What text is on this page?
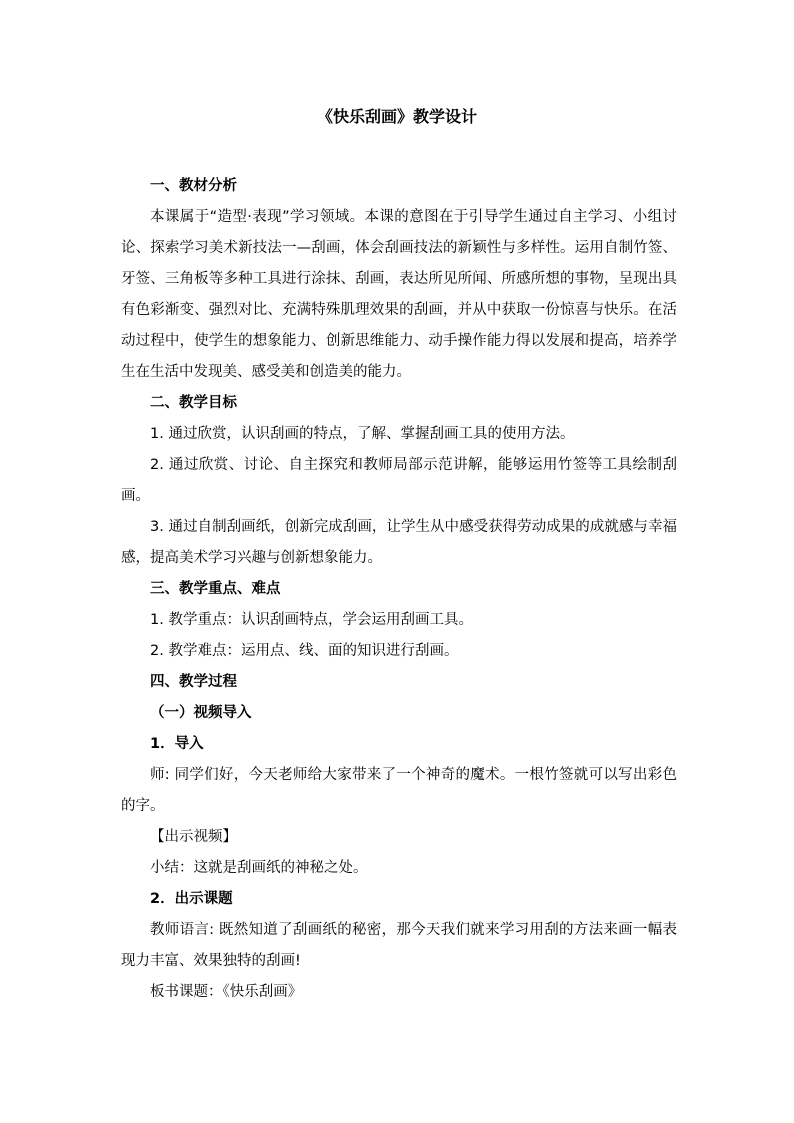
《快乐刮画》教学设计

一、教材分析

本课属于“造型·表现”学习领域。本课的意图在于引导学生通过自主学习、小组讨论、探索学习美术新技法一—刮画，体会刮画技法的新颖性与多样性。运用自制竹签、牙签、三角板等多种工具进行涂抹、刮画，表达所见所闻、所感所想的事物，呈现出具有色彩渐变、强烈对比、充满特殊肌理效果的刮画，并从中获取一份惊喜与快乐。在活动过程中，使学生的想象能力、创新思维能力、动手操作能力得以发展和提高，培养学生在生活中发现美、感受美和创造美的能力。

二、教学目标

1. 通过欣赏，认识刮画的特点，了解、掌握刮画工具的使用方法。

2. 通过欣赏、讨论、自主探究和教师局部示范讲解，能够运用竹签等工具绘制刮画。

3. 通过自制刮画纸，创新完成刮画，让学生从中感受获得劳动成果的成就感与幸福感，提高美术学习兴趣与创新想象能力。

三、教学重点、难点

1. 教学重点：认识刮画特点，学会运用刮画工具。

2. 教学难点：运用点、线、面的知识进行刮画。

四、教学过程

（一）视频导入

1．导入

师: 同学们好，今天老师给大家带来了一个神奇的魔术。一根竹签就可以写出彩色的字。

【出示视频】

小结：这就是刮画纸的神秘之处。

2．出示课题

教师语言: 既然知道了刮画纸的秘密，那今天我们就来学习用刮的方法来画一幅表现力丰富、效果独特的刮画!

板书课题：《快乐刮画》
